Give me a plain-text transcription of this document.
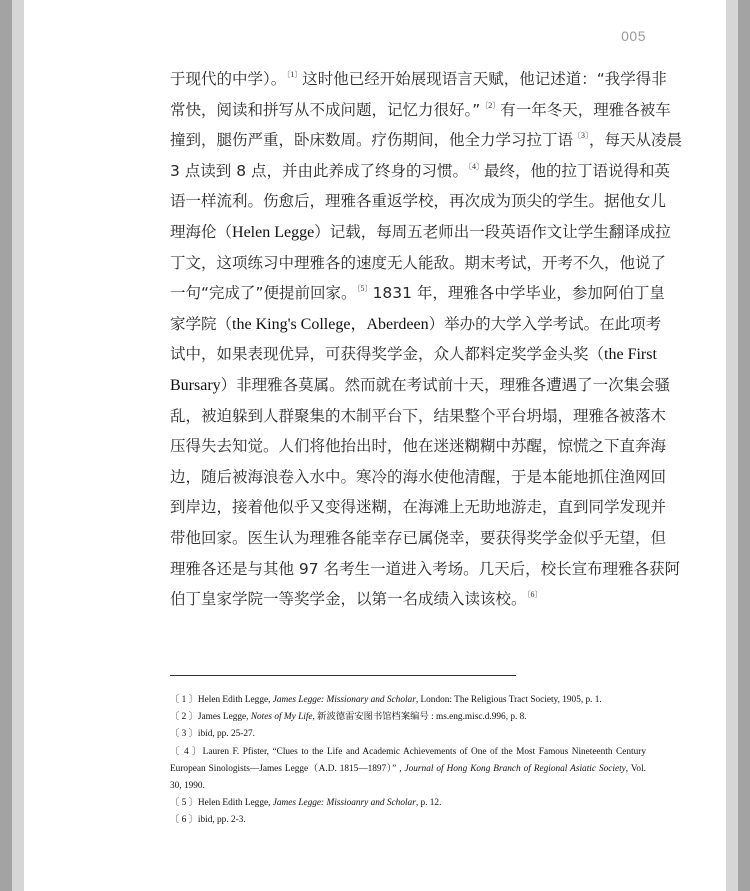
005
于现代的中学）。$^{〔1〕}$这时他已经开始展现语言天赋，他记述道：“我学得非
常快，阅读和拼写从不成问题，记忆力很好。”$^{〔2〕}$有一年冬天，理雅各被车
撞到，腿伤严重，卧床数周。疗伤期间，他全力学习拉丁语$^{〔3〕}$，每天从凌晨
3 点读到 8 点，并由此养成了终身的习惯。$^{〔4〕}$最终，他的拉丁语说得和英
语一样流利。伤愈后，理雅各重返学校，再次成为顶尖的学生。据他女儿
理海伦（Helen Legge）记载，每周五老师出一段英语作文让学生翻译成拉
丁文，这项练习中理雅各的速度无人能敌。期末考试，开考不久，他说了
一句“完成了”便提前回家。$^{〔5〕}$1831 年，理雅各中学毕业，参加阿伯丁皇
家学院（the King's College，Aberdeen）举办的大学入学考试。在此项考
试中，如果表现优异，可获得奖学金，众人都料定奖学金头奖（the First
Bursary）非理雅各莫属。然而就在考试前十天，理雅各遭遇了一次集会骚
乱，被迫躲到人群聚集的木制平台下，结果整个平台坍塌，理雅各被落木
压得失去知觉。人们将他抬出时，他在迷迷糊糊中苏醒，惊慌之下直奔海
边，随后被海浪卷入水中。寒冷的海水使他清醒，于是本能地抓住渔网回
到岸边，接着他似乎又变得迷糊，在海滩上无助地游走，直到同学发现并
带他回家。医生认为理雅各能幸存已属侥幸，要获得奖学金似乎无望，但
理雅各还是与其他 97 名考生一道进入考场。几天后，校长宣布理雅各获阿
伯丁皇家学院一等奖学金，以第一名成绩入读该校。$^{〔6〕}$
〔 1 〕Helen Edith Legge, James Legge: Missionary and Scholar, London: The Religious Tract Society, 1905, p. 1.
〔 2 〕James Legge, Notes of My Life, 新波德雷安图书馆档案编号 : ms.eng.misc.d.996, p. 8.
〔 3 〕ibid, pp. 25-27.
〔 4 〕Lauren F. Pfister, “Clues to the Life and Academic Achievements of One of the Most Famous Nineteenth Century European Sinologists—James Legge（A.D. 1815—1897）” , Journal of Hong Kong Branch of Regional Asiatic Society, Vol. 30, 1990.
〔 5 〕Helen Edith Legge, James Legge: Missioanry and Scholar, p. 12.
〔 6 〕ibid, pp. 2-3.
